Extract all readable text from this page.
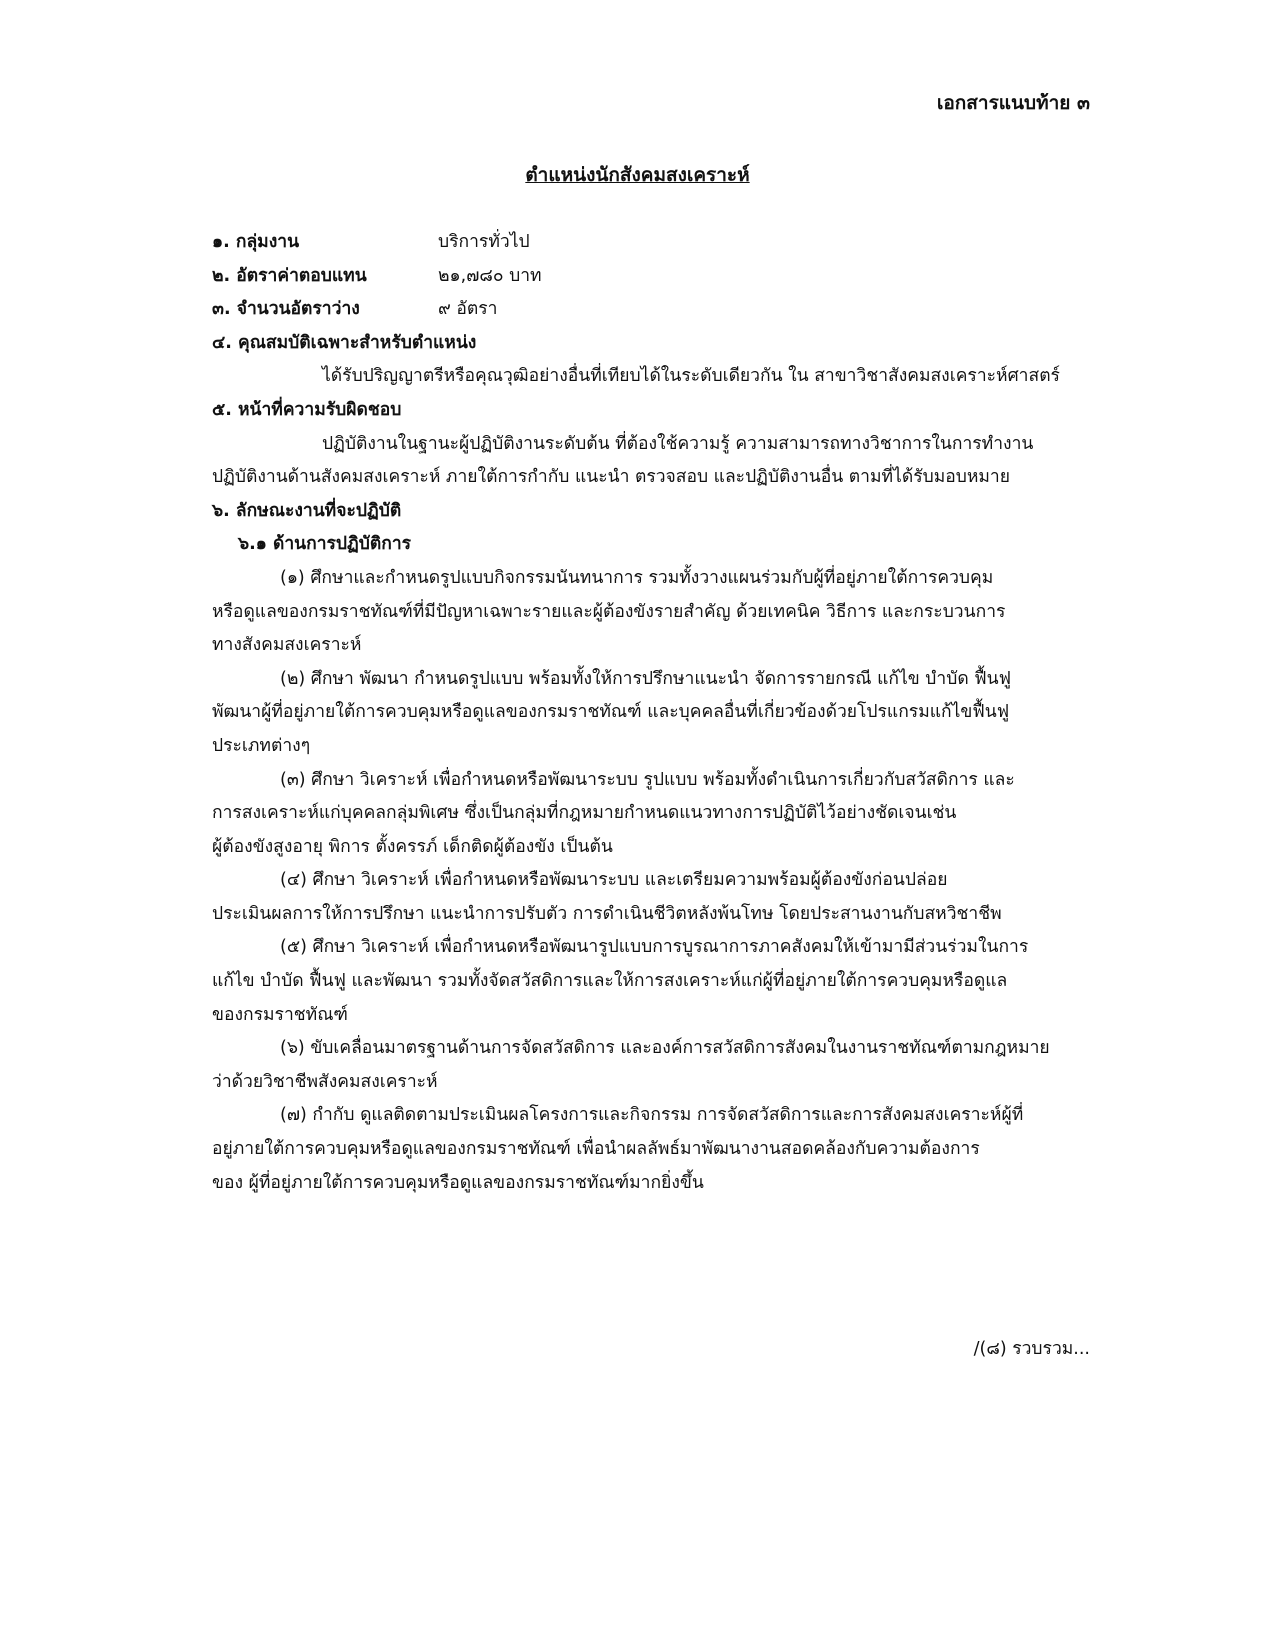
เอกสารแนบท้าย ๓
ตำแหน่งนักสังคมสงเคราะห์
๑. กลุ่มงาน	บริการทั่วไป
๒. อัตราค่าตอบแทน	๒๑,๗๘๐ บาท
๓. จำนวนอัตราว่าง	๙ อัตรา
๔. คุณสมบัติเฉพาะสำหรับตำแหน่ง
ได้รับปริญญาตรีหรือคุณวุฒิอย่างอื่นที่เทียบได้ในระดับเดียวกัน ใน สาขาวิชาสังคมสงเคราะห์ศาสตร์
๕. หน้าที่ความรับผิดชอบ
ปฏิบัติงานในฐานะผู้ปฏิบัติงานระดับต้น ที่ต้องใช้ความรู้ ความสามารถทางวิชาการในการทำงาน
ปฏิบัติงานด้านสังคมสงเคราะห์ ภายใต้การกำกับ แนะนำ ตรวจสอบ และปฏิบัติงานอื่น ตามที่ได้รับมอบหมาย
๖. ลักษณะงานที่จะปฏิบัติ
๖.๑ ด้านการปฏิบัติการ
(๑) ศึกษาและกำหนดรูปแบบกิจกรรมนันทนาการ รวมทั้งวางแผนร่วมกับผู้ที่อยู่ภายใต้การควบคุม
หรือดูแลของกรมราชทัณฑ์ที่มีปัญหาเฉพาะรายและผู้ต้องขังรายสำคัญ ด้วยเทคนิค วิธีการ และกระบวนการ
ทางสังคมสงเคราะห์
(๒) ศึกษา พัฒนา กำหนดรูปแบบ พร้อมทั้งให้การปรึกษาแนะนำ จัดการรายกรณี แก้ไข บำบัด ฟื้นฟู
พัฒนาผู้ที่อยู่ภายใต้การควบคุมหรือดูแลของกรมราชทัณฑ์ และบุคคลอื่นที่เกี่ยวข้องด้วยโปรแกรมแก้ไขฟื้นฟู
ประเภทต่างๆ
(๓) ศึกษา วิเคราะห์ เพื่อกำหนดหรือพัฒนาระบบ รูปแบบ พร้อมทั้งดำเนินการเกี่ยวกับสวัสดิการ และ
การสงเคราะห์แก่บุคคลกลุ่มพิเศษ ซึ่งเป็นกลุ่มที่กฎหมายกำหนดแนวทางการปฏิบัติไว้อย่างชัดเจนเช่น
ผู้ต้องขังสูงอายุ พิการ ตั้งครรภ์ เด็กติดผู้ต้องขัง เป็นต้น
(๔) ศึกษา วิเคราะห์ เพื่อกำหนดหรือพัฒนาระบบ และเตรียมความพร้อมผู้ต้องขังก่อนปล่อย
ประเมินผลการให้การปรึกษา แนะนำการปรับตัว การดำเนินชีวิตหลังพ้นโทษ โดยประสานงานกับสหวิชาชีพ
(๕) ศึกษา วิเคราะห์ เพื่อกำหนดหรือพัฒนารูปแบบการบูรณาการภาคสังคมให้เข้ามามีส่วนร่วมในการ
แก้ไข บำบัด ฟื้นฟู และพัฒนา รวมทั้งจัดสวัสดิการและให้การสงเคราะห์แก่ผู้ที่อยู่ภายใต้การควบคุมหรือดูแล
ของกรมราชทัณฑ์
(๖) ขับเคลื่อนมาตรฐานด้านการจัดสวัสดิการ และองค์การสวัสดิการสังคมในงานราชทัณฑ์ตามกฎหมาย
ว่าด้วยวิชาชีพสังคมสงเคราะห์
(๗) กำกับ ดูแลติดตามประเมินผลโครงการและกิจกรรม การจัดสวัสดิการและการสังคมสงเคราะห์ผู้ที่
อยู่ภายใต้การควบคุมหรือดูแลของกรมราชทัณฑ์ เพื่อนำผลลัพธ์มาพัฒนางานสอดคล้องกับความต้องการ
ของ ผู้ที่อยู่ภายใต้การควบคุมหรือดูแลของกรมราชทัณฑ์มากยิ่งขึ้น
/(๘) รวบรวม...
